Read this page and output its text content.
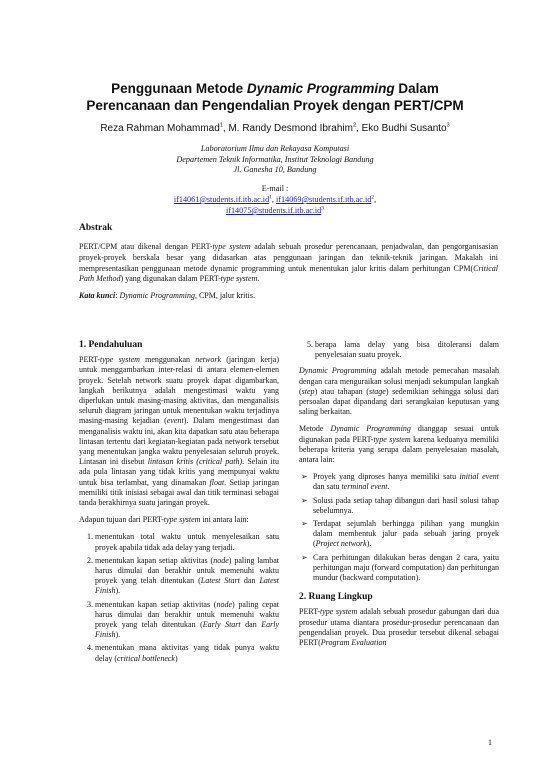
Penggunaan Metode Dynamic Programming Dalam
Perencanaan dan Pengendalian Proyek dengan PERT/CPM
Reza Rahman Mohammad$^1$, M. Randy Desmond Ibrahim$^2$, Eko Budhi Susanto$^3$
Laboratorium Ilmu dan Rekayasa Komputasi
Departemen Teknik Informatika, Institut Teknologi Bandung
Jl. Ganesha 10, Bandung
E-mail :
$if14061@students.if.itb.ac.id^1$, $if14069@students.if.itb.ac.id^2$,
$if14075@students.if.itb.ac.id^3$
Abstrak
PERT/CPM atau dikenal dengan PERT-type system adalah sebuah prosedur perencanaan, penjadwalan, dan pengorganisasian proyek-proyek berskala besar yang didasarkan atas penggunaan jaringan dan teknik-teknik jaringan. Makalah ini mempresentasikan penggunaan metode dynamic programming untuk menentukan jalur kritis dalam perhitungan CPM(Critical Path Method) yang digunakan dalam PERT-type system.
Kata kunci: Dynamic Programming, CPM, jalur kritis.
1. Pendahuluan

PERT-type system menggunakan network (jaringan kerja) untuk menggambarkan inter-relasi di antara elemen-elemen proyek. Setelah network suatu proyek dapat digambarkan, langkah berikutnya adalah mengestimasi waktu yang diperlukan untuk masing-masing aktivitas, dan menganalisis seluruh diagram jaringan untuk menentukan waktu terjadinya masing-masing kejadian (event). Dalam mengestimasi dan menganalisis waktu ini, akan kita dapatkan satu atau beberapa lintasan tertentu dari kegiatan-kegiatan pada network tersebut yang menentukan jangka waktu penyelesaian seluruh proyek. Lintasan ini disebut lintasan kritis (critical path). Selain itu ada pula lintasan yang tidak kritis yang mempunyai waktu untuk bisa terlambat, yang dinamakan float. Setiap jaringan memiliki titik inisiasi sebagai awal dan titik terminasi sebagai tanda berakhirnya suatu jaringan proyek.

Adapun tujuan dari PERT-type system ini antara lain:

1. menentukan total waktu untuk menyelesaikan satu proyek apabila tidak ada delay yang terjadi.
2. menentukan kapan setiap aktivitas (node) paling lambat harus dimulai dan berakhir untuk memenuhi waktu proyek yang telah ditentukan (Latest Start dan Latest Finish).
3. menentukan kapan setiap aktivitas (node) paling cepat harus dimulai dan berakhir untuk memenuhi waktu proyek yang telah ditentukan (Early Start dan Early Finish).
4. menentukan mana aktivitas yang tidak punya waktu delay (critical bottleneck)
5. berapa lama delay yang bisa ditoleransi dalam penyelesaian suatu proyek.

Dynamic Programming adalah metode pemecahan masalah dengan cara menguraikan solusi menjadi sekumpulan langkah (step) atau tahapan (stage) sedemikian sehingga solusi dari persoalan dapat dipandang dari serangkaian keputusan yang saling berkaitan.

Metode Dynamic Programming dianggap sesuai untuk digunakan pada PERT-type system karena keduanya memiliki beberapa kriteria yang serupa dalam penyelesaian masalah, antara lain:

➢ Proyek yang diproses hanya memiliki satu initial event dan satu terminal event.
➢ Solusi pada setiap tahap dibangun dari hasil solusi tahap sebelumnya.
➢ Terdapat sejumlah berhingga pilihan yang mungkin dalam membentuk jalur pada sebuah jaring proyek (Project network).
➢ Cara perhitungan dilakukan beras dengan 2 cara, yaitu perhitungan maju (forward computation) dan perhitungan mundur (backward computation).
2. Ruang Lingkup

PERT-type system adalah sebuah prosedur gabungan dari dua prosedur utama diantara prosedur-prosedur perencanaan dan pengendalian proyek. Dua prosedur tersebut dikenal sebagai PERT(Program Evaluation

1
